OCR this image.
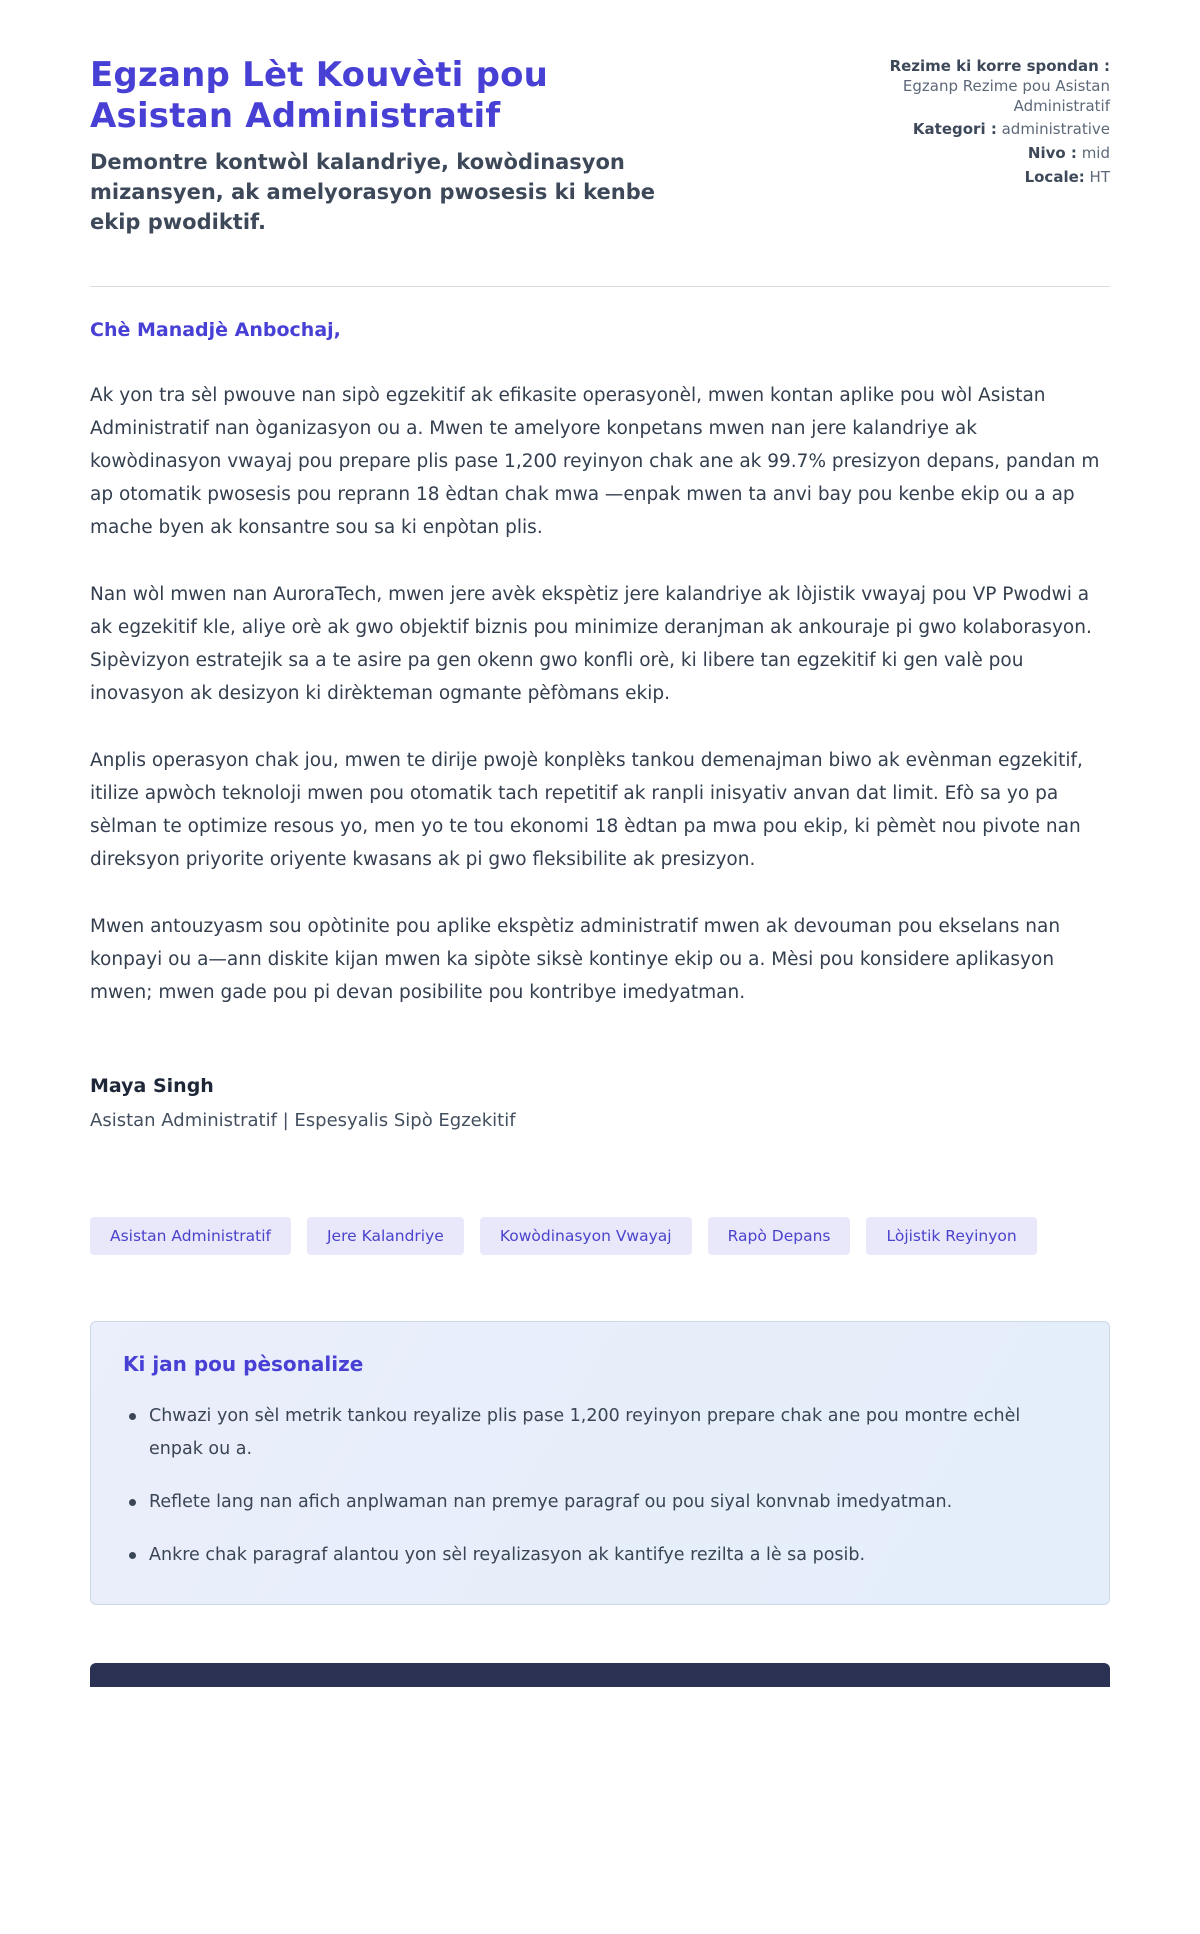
Egzanp Lèt Kouvèti pou Asistan Administratif

Demontre kontwòl kalandriye, kowòdinasyon mizansyen, ak amelyorasyon pwosesis ki kenbe ekip pwodiktif.

Rezime ki korre spondan : Egzanp Rezime pou Asistan Administratif
Kategori : administrative
Nivo : mid
Locale: HT

Chè Manadjè Anbochaj,

Ak yon tra sèl pwouve nan sipò egzekitif ak efikasite operasyonèl, mwen kontan aplike pou wòl Asistan Administratif nan òganizasyon ou a. Mwen te amelyore konpetans mwen nan jere kalandriye ak kowòdinasyon vwayaj pou prepare plis pase 1,200 reyinyon chak ane ak 99.7% presizyon depans, pandan m ap otomatik pwosesis pou reprann 18 èdtan chak mwa —enpak mwen ta anvi bay pou kenbe ekip ou a ap mache byen ak konsantre sou sa ki enpòtan plis.

Nan wòl mwen nan AuroraTech, mwen jere avèk ekspètiz jere kalandriye ak lòjistik vwayaj pou VP Pwodwi a ak egzekitif kle, aliye orè ak gwo objektif biznis pou minimize deranjman ak ankouraje pi gwo kolaborasyon. Sipèvizyon estratejik sa a te asire pa gen okenn gwo konfli orè, ki libere tan egzekitif ki gen valè pou inovasyon ak desizyon ki dirèkteman ogmante pèfòmans ekip.

Anplis operasyon chak jou, mwen te dirije pwojè konplèks tankou demenajman biwo ak evènman egzekitif, itilize apwòch teknoloji mwen pou otomatik tach repetitif ak ranpli inisyativ anvan dat limit. Efò sa yo pa sèlman te optimize resous yo, men yo te tou ekonomi 18 èdtan pa mwa pou ekip, ki pèmèt nou pivote nan direksyon priyorite oriyente kwasans ak pi gwo fleksibilite ak presizyon.

Mwen antouzyasm sou opòtinite pou aplike ekspètiz administratif mwen ak devouman pou ekselans nan konpayi ou a—ann diskite kijan mwen ka sipòte siksè kontinye ekip ou a. Mèsi pou konsidere aplikasyon mwen; mwen gade pou pi devan posibilite pou kontribye imedyatman.

Maya Singh

Asistan Administratif | Espesyalis Sipò Egzekitif

Asistan Administratif	Jere Kalandriye	Kowòdinasyon Vwayaj	Rapò Depans	Lòjistik Reyinyon
Ki jan pou pèsonalize
Chwazi yon sèl metrik tankou reyalize plis pase 1,200 reyinyon prepare chak ane pou montre echèl enpak ou a.
Reflete lang nan afich anplwaman nan premye paragraf ou pou siyal konvnab imedyatman.
Ankre chak paragraf alantou yon sèl reyalizasyon ak kantifye rezilta a lè sa posib.
